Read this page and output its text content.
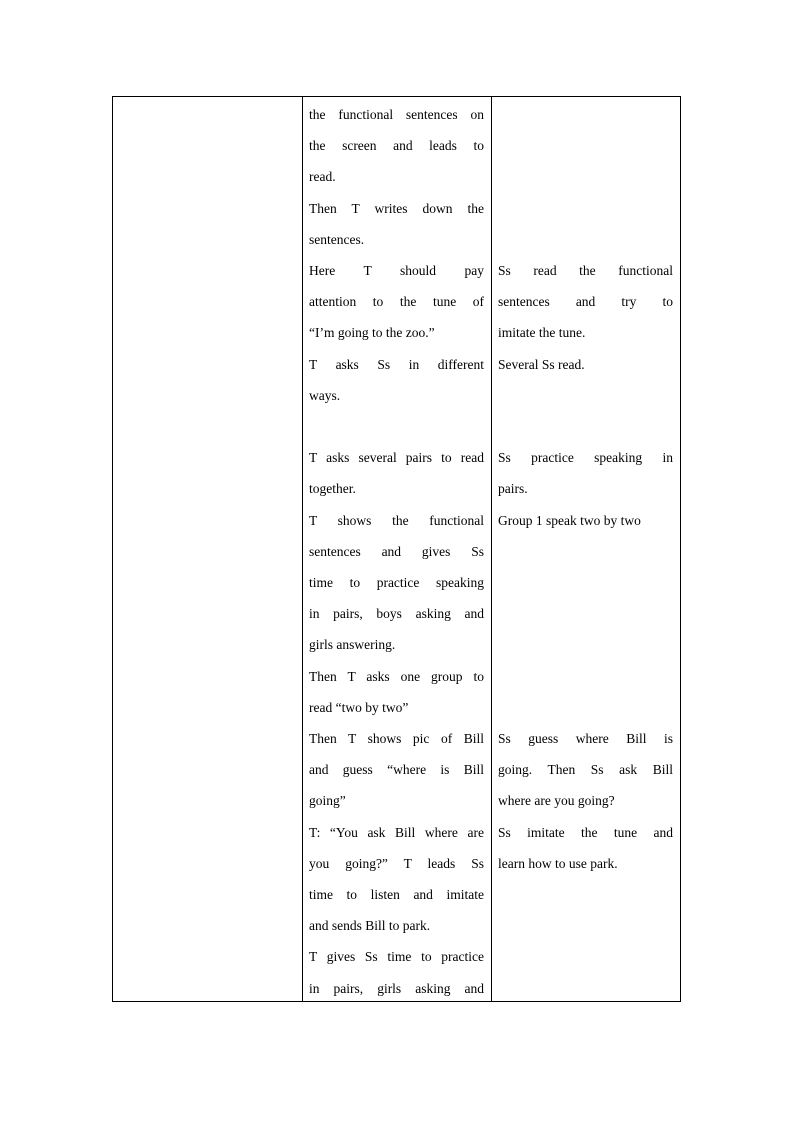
the functional sentences on
the screen and leads to
read.
Then T writes down the
sentences.
Here T should pay
attention to the tune of
“I’m going to the zoo.”
T asks Ss in different
ways.
T asks several pairs to read
together.
T shows the functional
sentences and gives Ss
time to practice speaking
in pairs, boys asking and
girls answering.
Then T asks one group to
read “two by two”
Then T shows pic of Bill
and guess “where is Bill
going”
T: “You ask Bill where are
you going?” T leads Ss
time to listen and imitate
and sends Bill to park.
T gives Ss time to practice
in pairs, girls asking and
Ss read the functional
sentences and try to
imitate the tune.
Several Ss read.
Ss practice speaking in
pairs.
Group 1 speak two by two
Ss guess where Bill is
going. Then Ss ask Bill
where are you going?
Ss imitate the tune and
learn how to use park.
